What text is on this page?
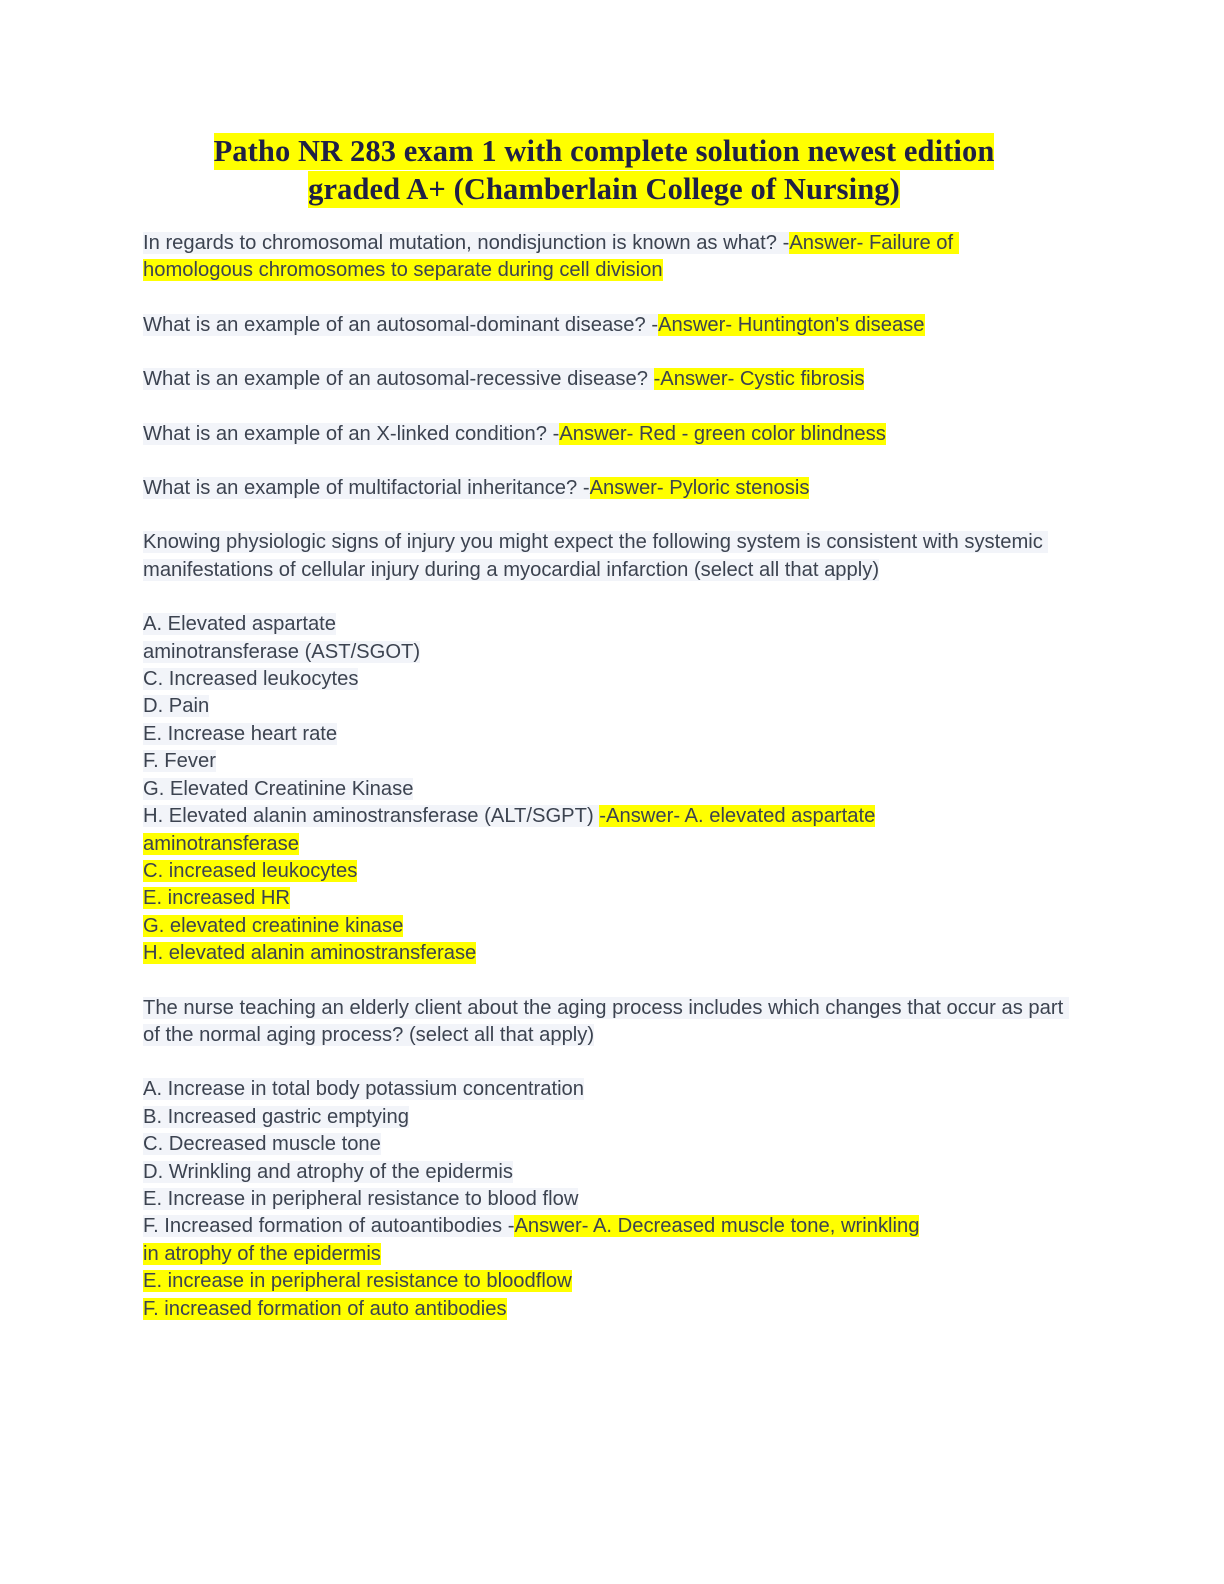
Patho NR 283 exam 1 with complete solution newest edition
graded A+ (Chamberlain College of Nursing)

In regards to chromosomal mutation, nondisjunction is known as what? -Answer- Failure of homologous chromosomes to separate during cell division

What is an example of an autosomal-dominant disease? -Answer- Huntington's disease

What is an example of an autosomal-recessive disease? -Answer- Cystic fibrosis

What is an example of an X-linked condition? -Answer- Red - green color blindness

What is an example of multifactorial inheritance? -Answer- Pyloric stenosis

Knowing physiologic signs of injury you might expect the following system is consistent with systemic manifestations of cellular injury during a myocardial infarction (select all that apply)

A. Elevated aspartate
aminotransferase (AST/SGOT)
C. Increased leukocytes
D. Pain
E. Increase heart rate
F. Fever
G. Elevated Creatinine Kinase
H. Elevated alanin aminostransferase (ALT/SGPT) -Answer- A. elevated aspartate
aminotransferase
C. increased leukocytes
E. increased HR
G. elevated creatinine kinase
H. elevated alanin aminostransferase

The nurse teaching an elderly client about the aging process includes which changes that occur as part of the normal aging process? (select all that apply)

A. Increase in total body potassium concentration
B. Increased gastric emptying
C. Decreased muscle tone
D. Wrinkling and atrophy of the epidermis
E. Increase in peripheral resistance to blood flow
F. Increased formation of autoantibodies -Answer- A. Decreased muscle tone, wrinkling
in atrophy of the epidermis
E. increase in peripheral resistance to bloodflow
F. increased formation of auto antibodies
